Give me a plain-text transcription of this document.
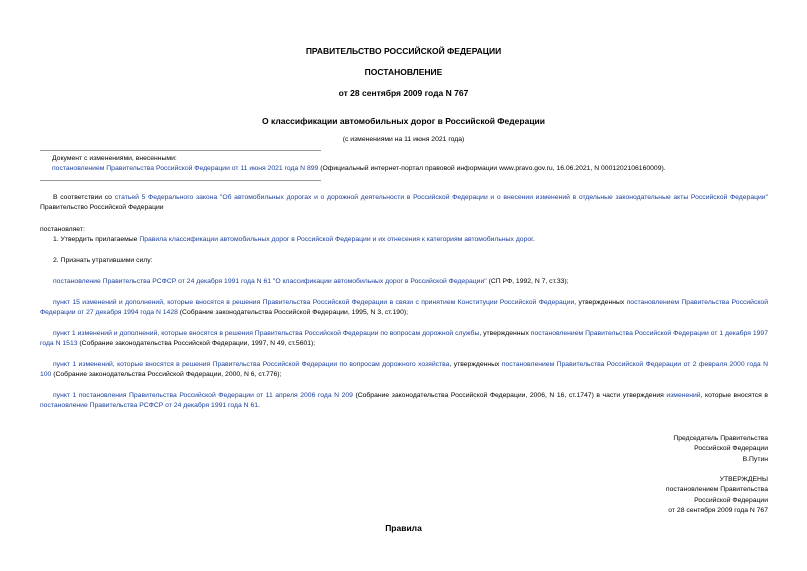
ПРАВИТЕЛЬСТВО РОССИЙСКОЙ ФЕДЕРАЦИИ
ПОСТАНОВЛЕНИЕ
от 28 сентября 2009 года N 767
О классификации автомобильных дорог в Российской Федерации
(с изменениями на 11 июня 2021 года)
Документ с изменениями, внесенными:
постановлением Правительства Российской Федерации от 11 июня 2021 года N 899 (Официальный интернет-портал правовой информации www.pravo.gov.ru, 16.06.2021, N 0001202106160009).
В соответствии со статьей 5 Федерального закона "Об автомобильных дорогах и о дорожной деятельности в Российской Федерации и о внесении изменений в отдельные законодательные акты Российской Федерации" Правительство Российской Федерации
постановляет:
1. Утвердить прилагаемые Правила классификации автомобильных дорог в Российской Федерации и их отнесения к категориям автомобильных дорог.
2. Признать утратившими силу:
постановление Правительства РСФСР от 24 декабря 1991 года N 61 "О классификации автомобильных дорог в Российской Федерации" (СП РФ, 1992, N 7, ст.33);
пункт 15 изменений и дополнений, которые вносятся в решения Правительства Российской Федерации в связи с принятием Конституции Российской Федерации, утвержденных постановлением Правительства Российской Федерации от 27 декабря 1994 года N 1428 (Собрание законодательства Российской Федерации, 1995, N 3, ст.190);
пункт 1 изменений и дополнений, которые вносятся в решения Правительства Российской Федерации по вопросам дорожной службы, утвержденных постановлением Правительства Российской Федерации от 1 декабря 1997 года N 1513 (Собрание законодательства Российской Федерации, 1997, N 49, ст.5601);
пункт 1 изменений, которые вносятся в решения Правительства Российской Федерации по вопросам дорожного хозяйства, утвержденных постановлением Правительства Российской Федерации от 2 февраля 2000 года N 100 (Собрание законодательства Российской Федерации, 2000, N 6, ст.776);
пункт 1 постановления Правительства Российской Федерации от 11 апреля 2006 года N 209 (Собрание законодательства Российской Федерации, 2006, N 16, ст.1747) в части утверждения изменений, которые вносятся в постановление Правительства РСФСР от 24 декабря 1991 года N 61.
Председатель Правительства
Российской Федерации
В.Путин
УТВЕРЖДЕНЫ
постановлением Правительства
Российской Федерации
от 28 сентября 2009 года N 767
Правила
